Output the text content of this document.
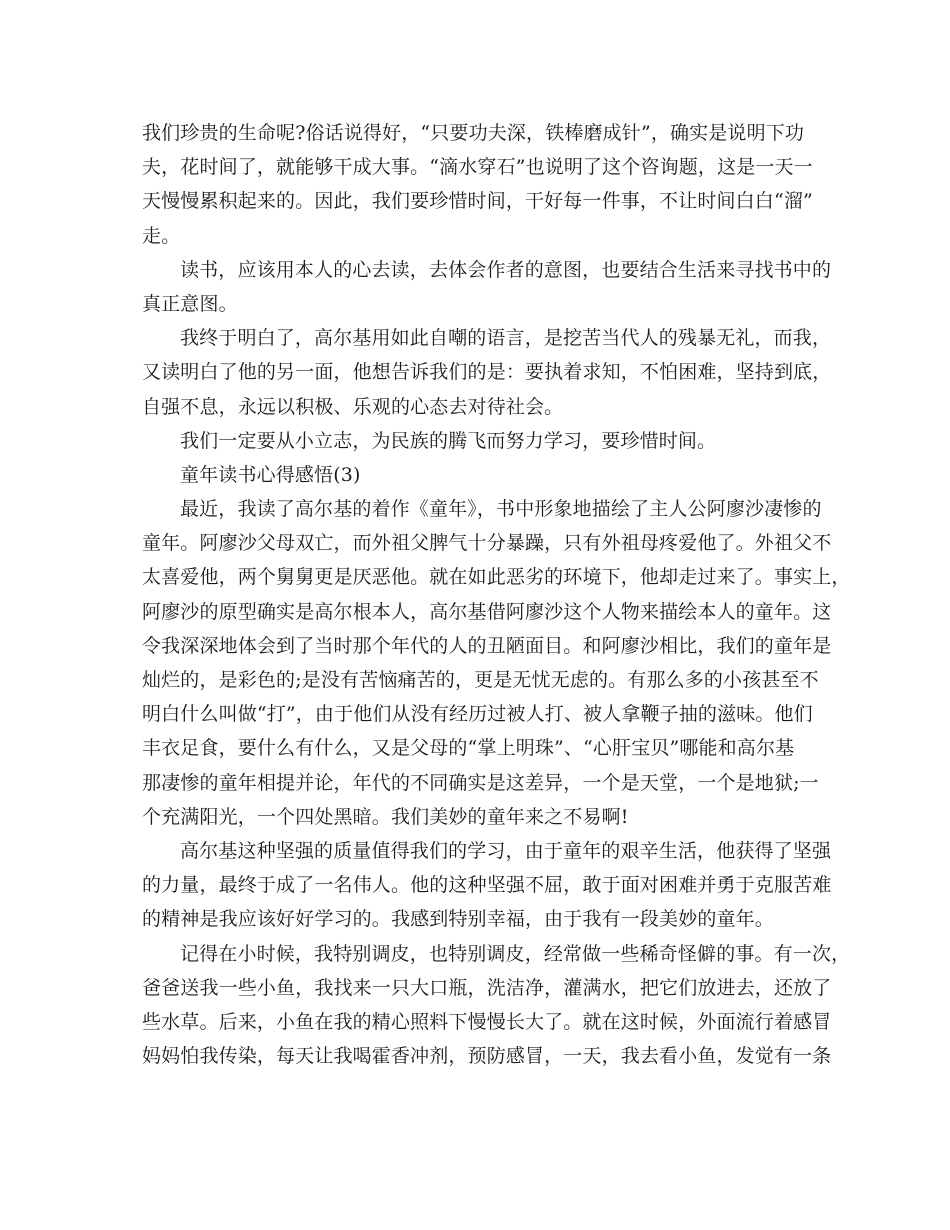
我们珍贵的生命呢?俗话说得好，“只要功夫深，铁棒磨成针”，确实是说明下功
夫，花时间了，就能够干成大事。“滴水穿石”也说明了这个咨询题，这是一天一
天慢慢累积起来的。因此，我们要珍惜时间，干好每一件事，不让时间白白“溜”
走。
读书，应该用本人的心去读，去体会作者的意图，也要结合生活来寻找书中的
真正意图。
我终于明白了，高尔基用如此自嘲的语言，是挖苦当代人的残暴无礼，而我，
又读明白了他的另一面，他想告诉我们的是：要执着求知，不怕困难，坚持到底，
自强不息，永远以积极、乐观的心态去对待社会。
我们一定要从小立志，为民族的腾飞而努力学习，要珍惜时间。
童年读书心得感悟(3)
最近，我读了高尔基的着作《童年》，书中形象地描绘了主人公阿廖沙凄惨的
童年。阿廖沙父母双亡，而外祖父脾气十分暴躁，只有外祖母疼爱他了。外祖父不
太喜爱他，两个舅舅更是厌恶他。就在如此恶劣的环境下，他却走过来了。事实上，
阿廖沙的原型确实是高尔根本人，高尔基借阿廖沙这个人物来描绘本人的童年。这
令我深深地体会到了当时那个年代的人的丑陋面目。和阿廖沙相比，我们的童年是
灿烂的，是彩色的;是没有苦恼痛苦的，更是无忧无虑的。有那么多的小孩甚至不
明白什么叫做“打”，由于他们从没有经历过被人打、被人拿鞭子抽的滋味。他们
丰衣足食，要什么有什么，又是父母的“掌上明珠”、“心肝宝贝”哪能和高尔基
那凄惨的童年相提并论，年代的不同确实是这差异，一个是天堂，一个是地狱;一
个充满阳光，一个四处黑暗。我们美妙的童年来之不易啊!
高尔基这种坚强的质量值得我们的学习，由于童年的艰辛生活，他获得了坚强
的力量，最终于成了一名伟人。他的这种坚强不屈，敢于面对困难并勇于克服苦难
的精神是我应该好好学习的。我感到特别幸福，由于我有一段美妙的童年。
记得在小时候，我特别调皮，也特别调皮，经常做一些稀奇怪僻的事。有一次，
爸爸送我一些小鱼，我找来一只大口瓶，洗洁净，灌满水，把它们放进去，还放了
些水草。后来，小鱼在我的精心照料下慢慢长大了。就在这时候，外面流行着感冒
妈妈怕我传染，每天让我喝霍香冲剂，预防感冒，一天，我去看小鱼，发觉有一条
